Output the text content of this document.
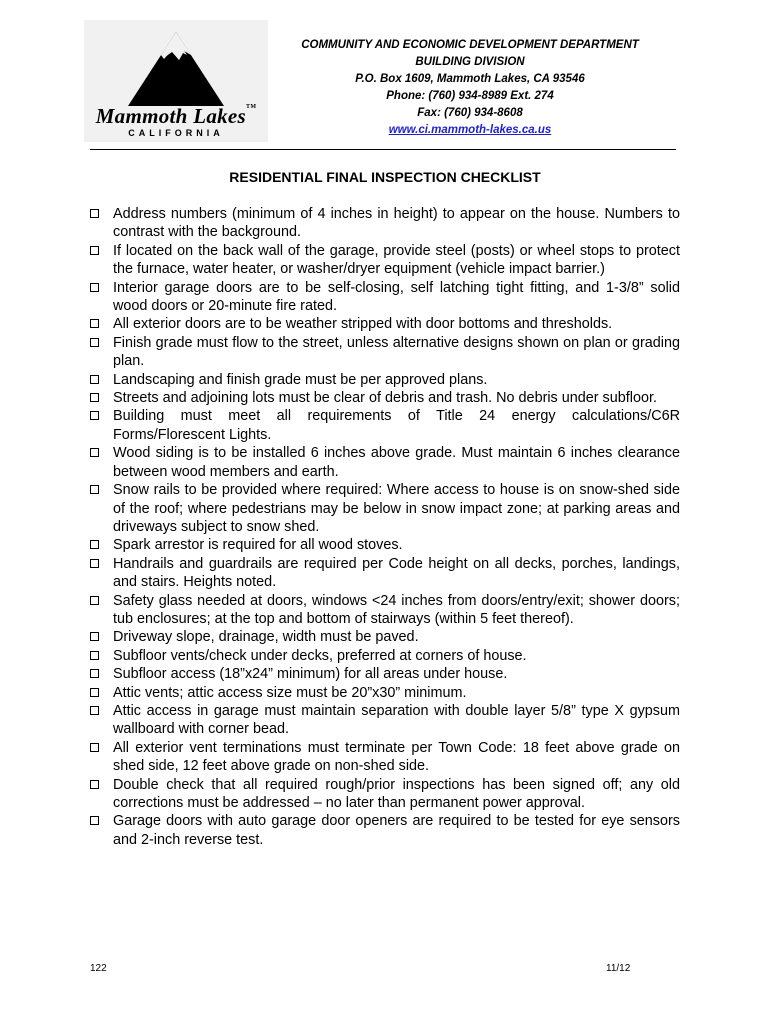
Mammoth Lakes™
CALIFORNIA
COMMUNITY AND ECONOMIC DEVELOPMENT DEPARTMENT
BUILDING DIVISION
P.O. Box 1609, Mammoth Lakes, CA 93546
Phone: (760) 934-8989 Ext. 274
Fax: (760) 934-8608
www.ci.mammoth-lakes.ca.us
RESIDENTIAL FINAL INSPECTION CHECKLIST
Address numbers (minimum of 4 inches in height) to appear on the house. Numbers to contrast with the background.
If located on the back wall of the garage, provide steel (posts) or wheel stops to protect the furnace, water heater, or washer/dryer equipment (vehicle impact barrier.)
Interior garage doors are to be self-closing, self latching tight fitting, and 1-3/8” solid wood doors or 20-minute fire rated.
All exterior doors are to be weather stripped with door bottoms and thresholds.
Finish grade must flow to the street, unless alternative designs shown on plan or grading plan.
Landscaping and finish grade must be per approved plans.
Streets and adjoining lots must be clear of debris and trash. No debris under subfloor.
Building must meet all requirements of Title 24 energy calculations/C6R Forms/Florescent Lights.
Wood siding is to be installed 6 inches above grade. Must maintain 6 inches clearance between wood members and earth.
Snow rails to be provided where required: Where access to house is on snow-shed side of the roof; where pedestrians may be below in snow impact zone; at parking areas and driveways subject to snow shed.
Spark arrestor is required for all wood stoves.
Handrails and guardrails are required per Code height on all decks, porches, landings, and stairs. Heights noted.
Safety glass needed at doors, windows <24 inches from doors/entry/exit; shower doors; tub enclosures; at the top and bottom of stairways (within 5 feet thereof).
Driveway slope, drainage, width must be paved.
Subfloor vents/check under decks, preferred at corners of house.
Subfloor access (18”x24” minimum) for all areas under house.
Attic vents; attic access size must be 20”x30” minimum.
Attic access in garage must maintain separation with double layer 5/8” type X gypsum wallboard with corner bead.
All exterior vent terminations must terminate per Town Code: 18 feet above grade on shed side, 12 feet above grade on non-shed side.
Double check that all required rough/prior inspections has been signed off; any old corrections must be addressed – no later than permanent power approval.
Garage doors with auto garage door openers are required to be tested for eye sensors and 2-inch reverse test.
122	11/12
